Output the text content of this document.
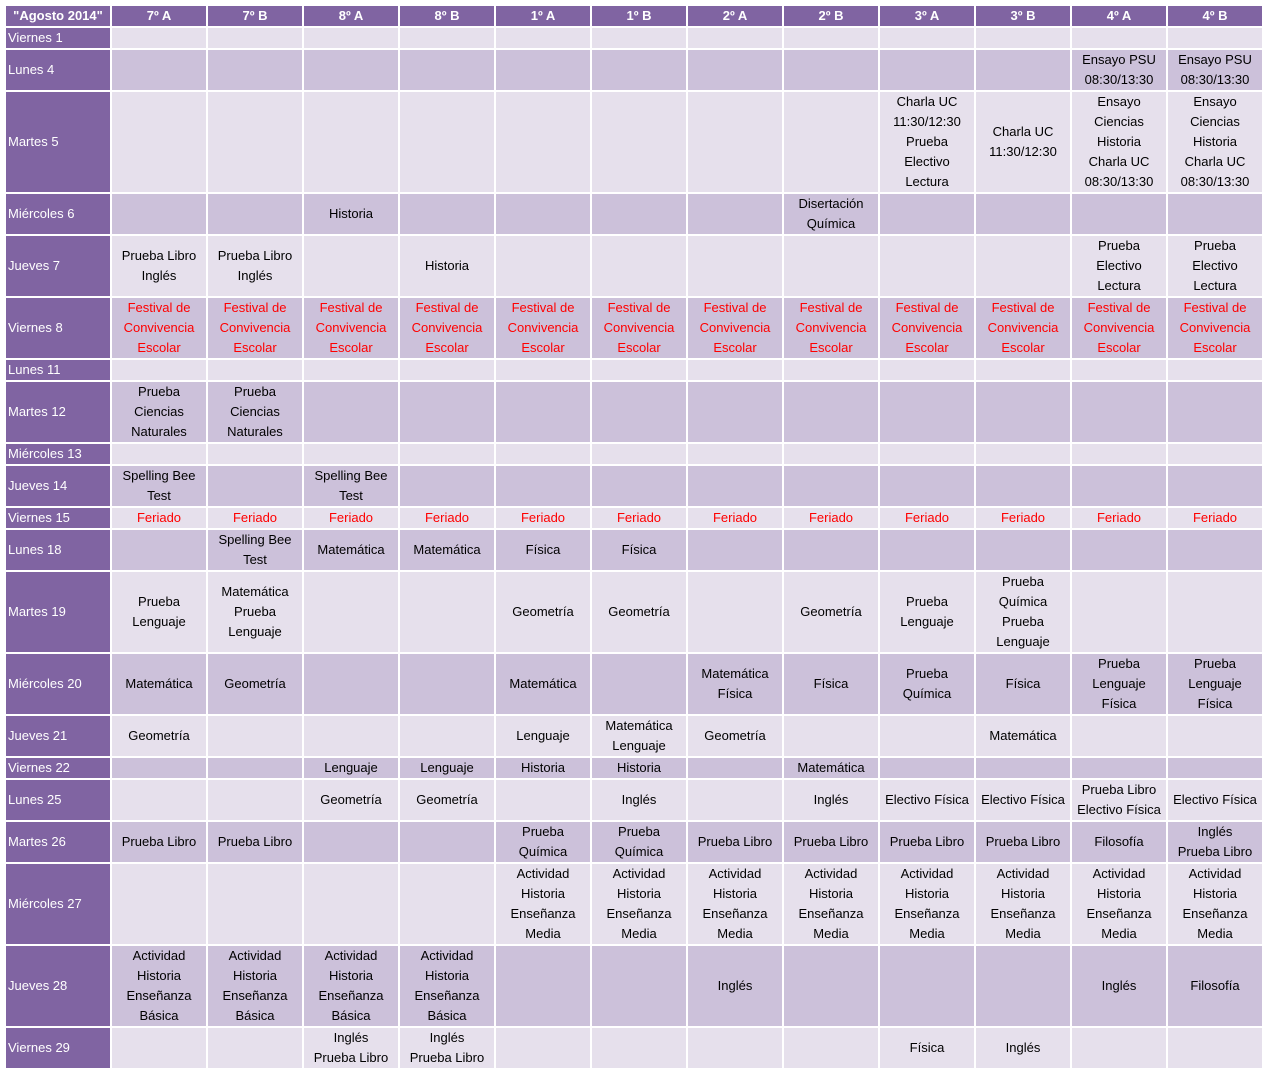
"Agosto 2014"	7º A	7º B	8º A	8º B	1º A	1º B	2º A	2º B	3º A	3º B	4º A	4º B
Viernes 1												
Lunes 4											Ensayo PSU
08:30/13:30	Ensayo PSU
08:30/13:30

Martes 5									Charla UC
11:30/12:30
Prueba
Electivo
Lectura	Charla UC
11:30/12:30	Ensayo
Ciencias
Historia
Charla UC
08:30/13:30	Ensayo
Ciencias
Historia
Charla UC
08:30/13:30

Miércoles 6			Historia					Disertación
Química				

Jueves 7	Prueba Libro
Inglés	Prueba Libro
Inglés		Historia							Prueba
Electivo
Lectura	Prueba
Electivo
Lectura

Viernes 8	Festival de
Convivencia
Escolar	Festival de
Convivencia
Escolar	Festival de
Convivencia
Escolar	Festival de
Convivencia
Escolar	Festival de
Convivencia
Escolar	Festival de
Convivencia
Escolar	Festival de
Convivencia
Escolar	Festival de
Convivencia
Escolar	Festival de
Convivencia
Escolar	Festival de
Convivencia
Escolar	Festival de
Convivencia
Escolar	Festival de
Convivencia
Escolar

Lunes 11												
Martes 12	Prueba
Ciencias
Naturales	Prueba
Ciencias
Naturales										

Miércoles 13												
Jueves 14	Spelling Bee
Test		Spelling Bee
Test									

Viernes 15	Feriado	Feriado	Feriado	Feriado	Feriado	Feriado	Feriado	Feriado	Feriado	Feriado	Feriado	Feriado

Lunes 18		Spelling Bee
Test	Matemática	Matemática	Física	Física						

Martes 19	Prueba
Lenguaje	Matemática
Prueba
Lenguaje			Geometría	Geometría		Geometría	Prueba
Lenguaje	Prueba
Química
Prueba
Lenguaje		

Miércoles 20	Matemática	Geometría			Matemática		Matemática
Física	Física	Prueba
Química	Física	Prueba
Lenguaje
Física	Prueba
Lenguaje
Física

Jueves 21	Geometría				Lenguaje	Matemática
Lenguaje	Geometría			Matemática		

Viernes 22			Lenguaje	Lenguaje	Historia	Historia		Matemática				

Lunes 25			Geometría	Geometría		Inglés		Inglés	Electivo Física	Electivo Física	Prueba Libro
Electivo Física	Electivo Física

Martes 26	Prueba Libro	Prueba Libro			Prueba
Química	Prueba
Química	Prueba Libro	Prueba Libro	Prueba Libro	Prueba Libro	Filosofía	Inglés
Prueba Libro

Miércoles 27					Actividad
Historia
Enseñanza
Media	Actividad
Historia
Enseñanza
Media	Actividad
Historia
Enseñanza
Media	Actividad
Historia
Enseñanza
Media	Actividad
Historia
Enseñanza
Media	Actividad
Historia
Enseñanza
Media	Actividad
Historia
Enseñanza
Media	Actividad
Historia
Enseñanza
Media

Jueves 28	Actividad
Historia
Enseñanza
Básica	Actividad
Historia
Enseñanza
Básica	Actividad
Historia
Enseñanza
Básica	Actividad
Historia
Enseñanza
Básica			Inglés				Inglés	Filosofía

Viernes 29			Inglés
Prueba Libro	Inglés
Prueba Libro					Física	Inglés		
